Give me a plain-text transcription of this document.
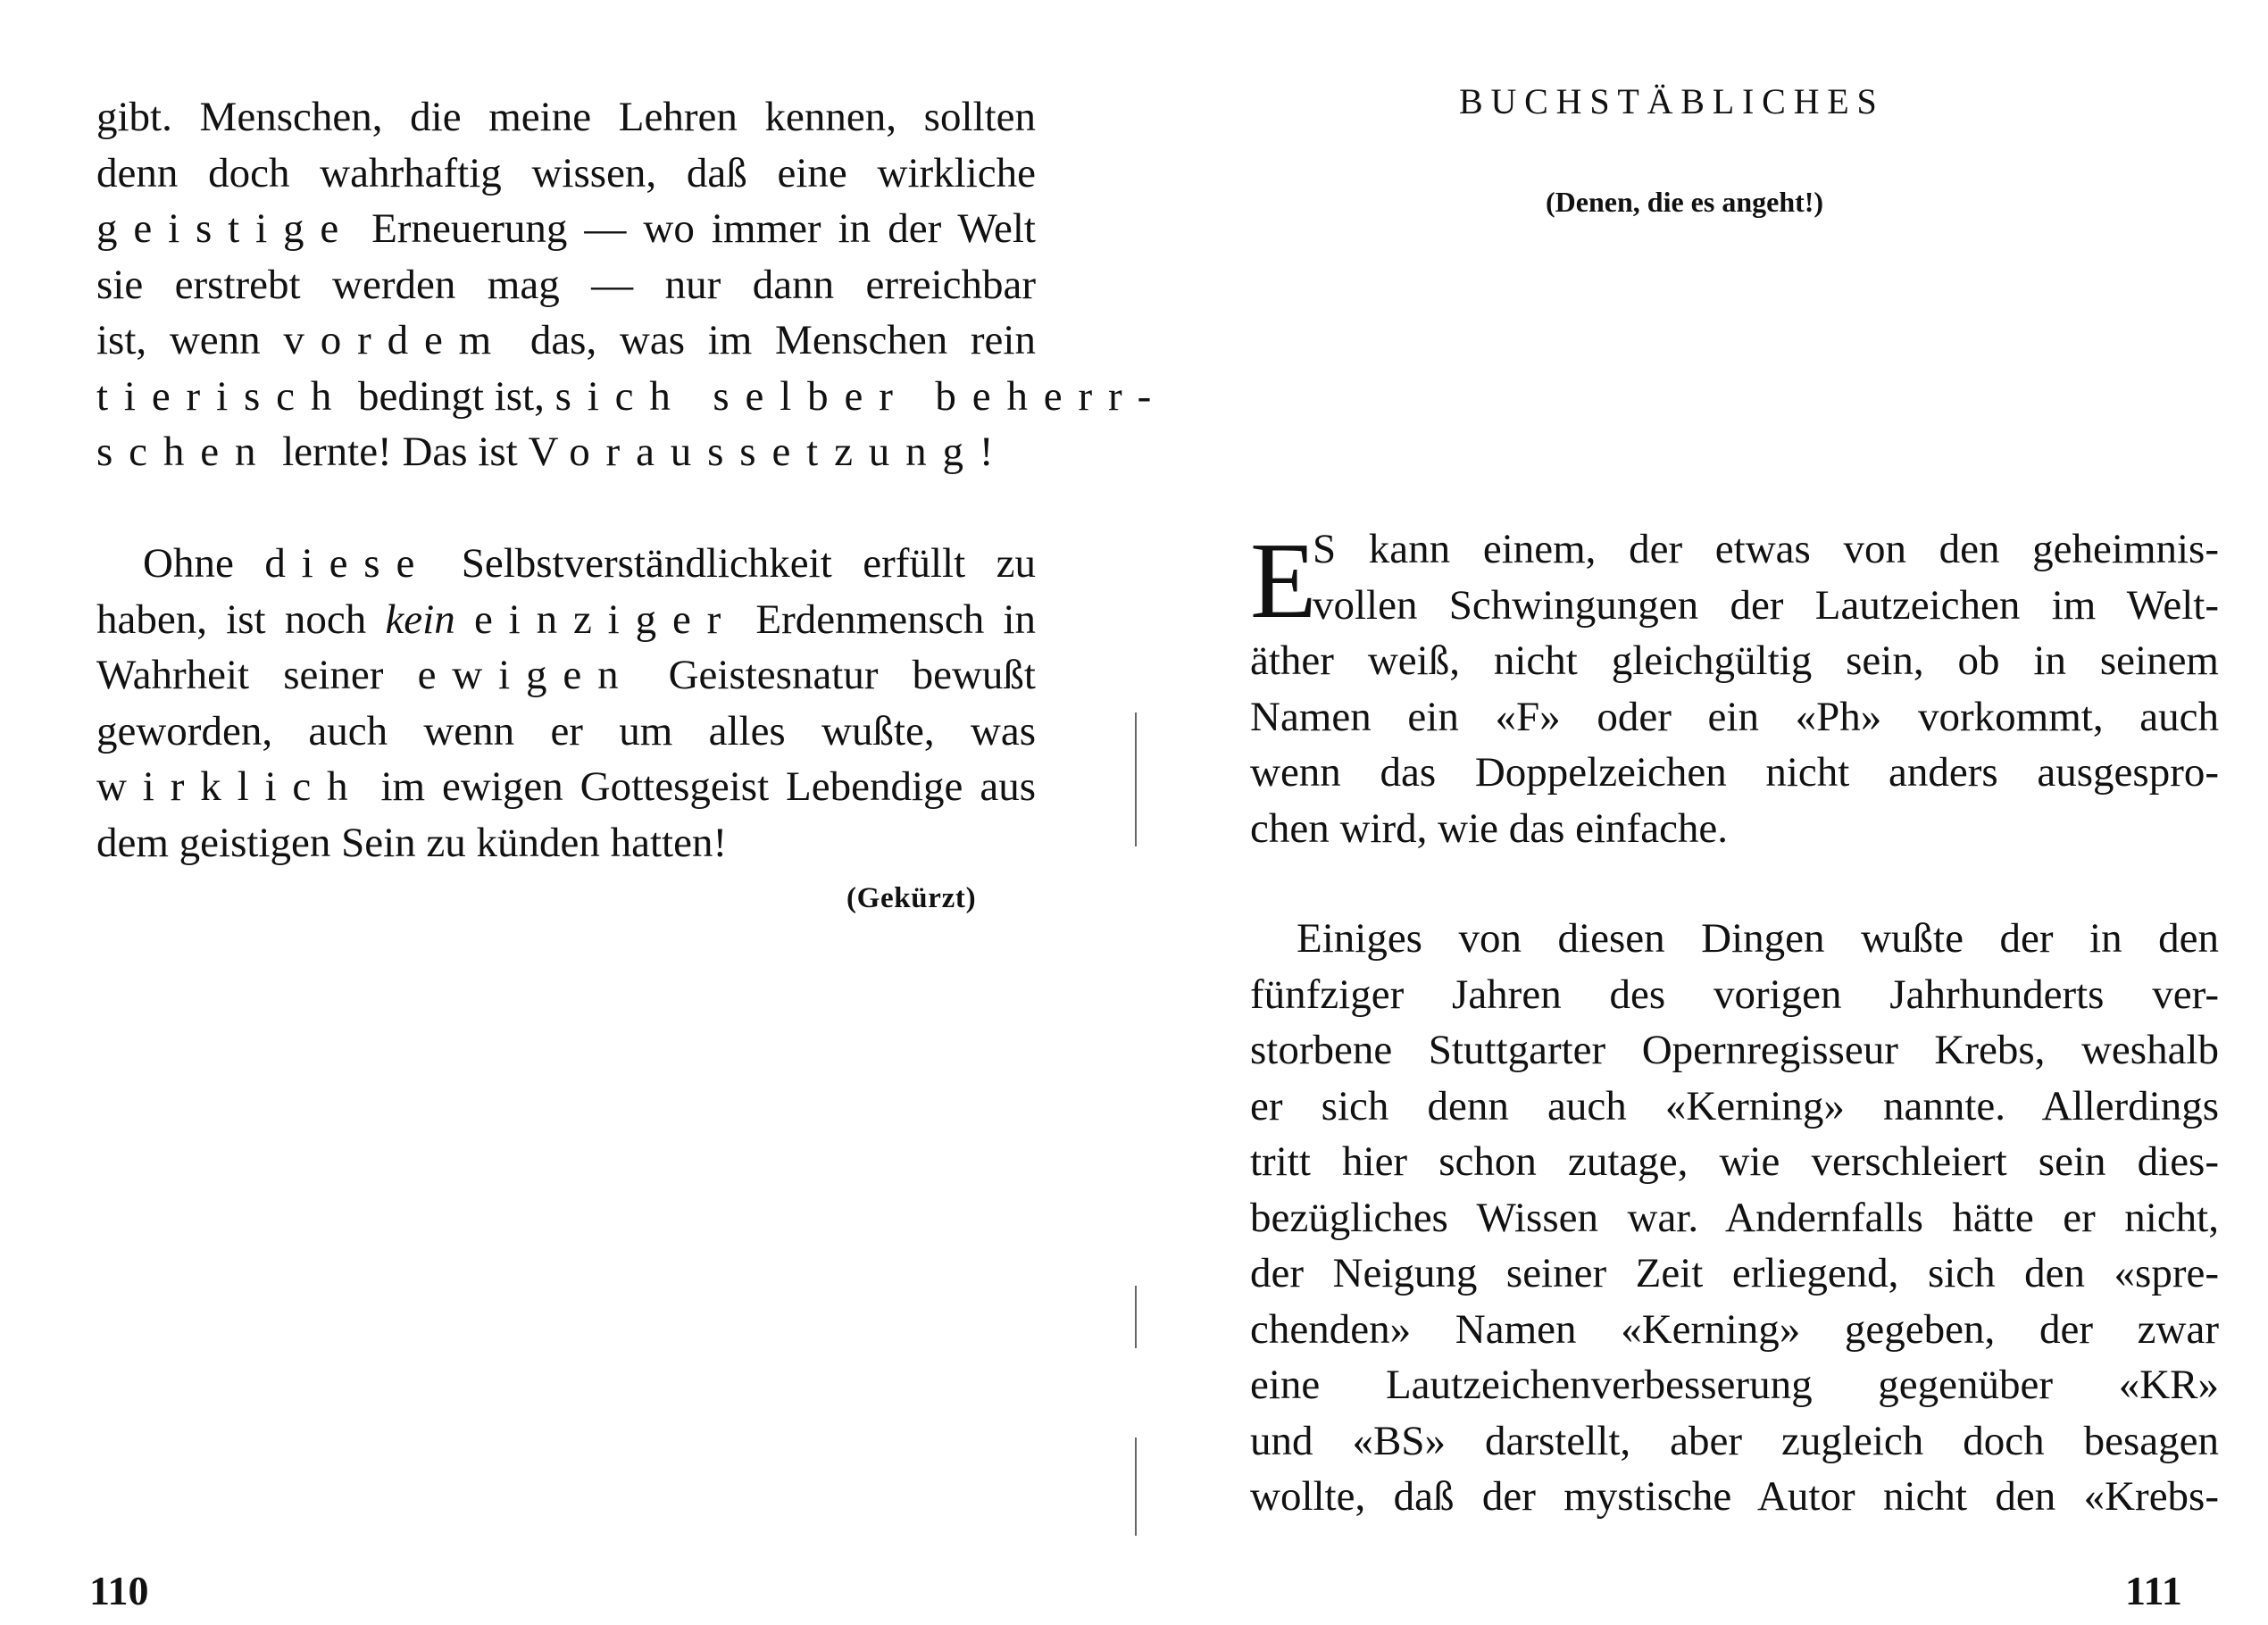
gibt. Menschen, die meine Lehren kennen, sollten
denn doch wahrhaftig wissen, daß eine wirkliche
geistige Erneuerung — wo immer in der Welt
sie erstrebt werden mag — nur dann erreichbar
ist, wenn vordem das, was im Menschen rein
tierisch bedingt ist, sich selber beherr-
schen lernte! Das ist Voraussetzung!
Ohne diese Selbstverständlichkeit erfüllt zu
haben, ist noch kein einziger Erdenmensch in
Wahrheit seiner ewigen Geistesnatur bewußt
geworden, auch wenn er um alles wußte, was
wirklich im ewigen Gottesgeist Lebendige aus
dem geistigen Sein zu künden hatten!
(Gekürzt)
110
BUCHSTÄBLICHES
(Denen, die es angeht!)
E
S kann einem, der etwas von den geheimnis-
vollen Schwingungen der Lautzeichen im Welt-
äther weiß, nicht gleichgültig sein, ob in seinem
Namen ein «F» oder ein «Ph» vorkommt, auch
wenn das Doppelzeichen nicht anders ausgespro-
chen wird, wie das einfache.
Einiges von diesen Dingen wußte der in den
fünfziger Jahren des vorigen Jahrhunderts ver-
storbene Stuttgarter Opernregisseur Krebs, weshalb
er sich denn auch «Kerning» nannte. Allerdings
tritt hier schon zutage, wie verschleiert sein dies-
bezügliches Wissen war. Andernfalls hätte er nicht,
der Neigung seiner Zeit erliegend, sich den «spre-
chenden» Namen «Kerning» gegeben, der zwar
eine Lautzeichenverbesserung gegenüber «KR»
und «BS» darstellt, aber zugleich doch besagen
wollte, daß der mystische Autor nicht den «Krebs-
111
